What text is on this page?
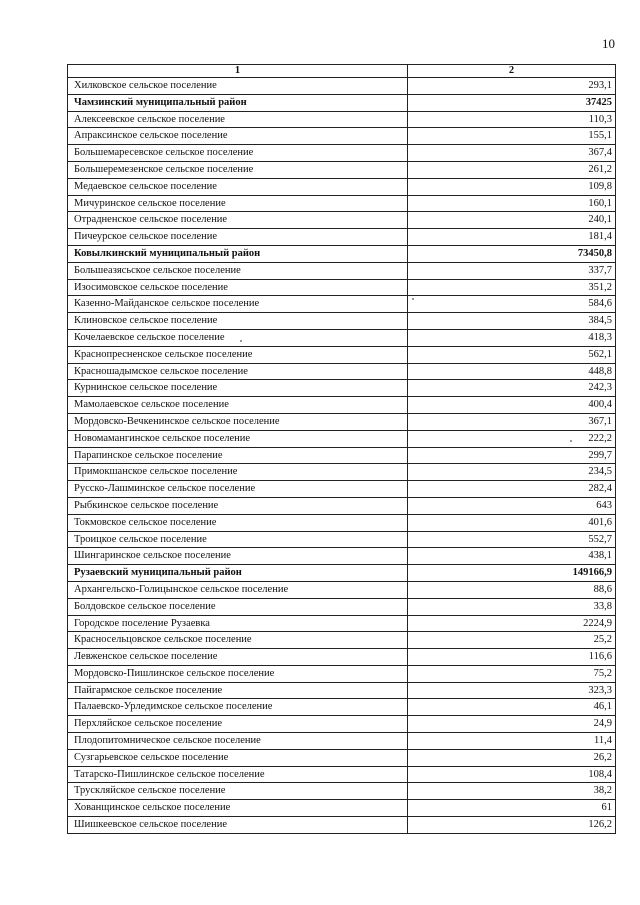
10
1	2
Хилковское сельское поселение	293,1
Чамзинский муниципальный район	37425
Алексеевское сельское поселение	110,3
Апраксинское сельское поселение	155,1
Большемаресевское сельское поселение	367,4
Большеремезенское сельское поселение	261,2
Медаевское сельское поселение	109,8
Мичуринское сельское поселение	160,1
Отрадненское сельское поселение	240,1
Пичеурское сельское поселение	181,4
Ковылкинский муниципальный район	73450,8
Большеазясьское сельское поселение	337,7
Изосимовское сельское поселение	351,2
Казенно-Майданское сельское поселение	584,6
Клиновское сельское поселение	384,5
Кочелаевское сельское поселение	418,3
Краснопресненское сельское поселение	562,1
Красношадымское сельское поселение	448,8
Курнинское сельское поселение	242,3
Мамолаевское сельское поселение	400,4
Мордовско-Вечкенинское сельское поселение	367,1
Новомамангинское сельское поселение	222,2
Парапинское сельское поселение	299,7
Примокшанское сельское поселение	234,5
Русско-Лашминское сельское поселение	282,4
Рыбкинское сельское поселение	643
Токмовское сельское поселение	401,6
Троицкое сельское поселение	552,7
Шингаринское сельское поселение	438,1
Рузаевский муниципальный район	149166,9
Архангельско-Голицынское сельское поселение	88,6
Болдовское сельское поселение	33,8
Городское поселение Рузаевка	2224,9
Красносельцовское сельское поселение	25,2
Левженское сельское поселение	116,6
Мордовско-Пишлинское сельское поселение	75,2
Пайгармское сельское поселение	323,3
Палаевско-Урледимское сельское поселение	46,1
Перхляйское сельское поселение	24,9
Плодопитомническое сельское поселение	11,4
Сузгарьевское сельское поселение	26,2
Татарско-Пишлинское сельское поселение	108,4
Трускляйское сельское поселение	38,2
Хованщинское сельское поселение	61
Шишкеевское сельское поселение	126,2
